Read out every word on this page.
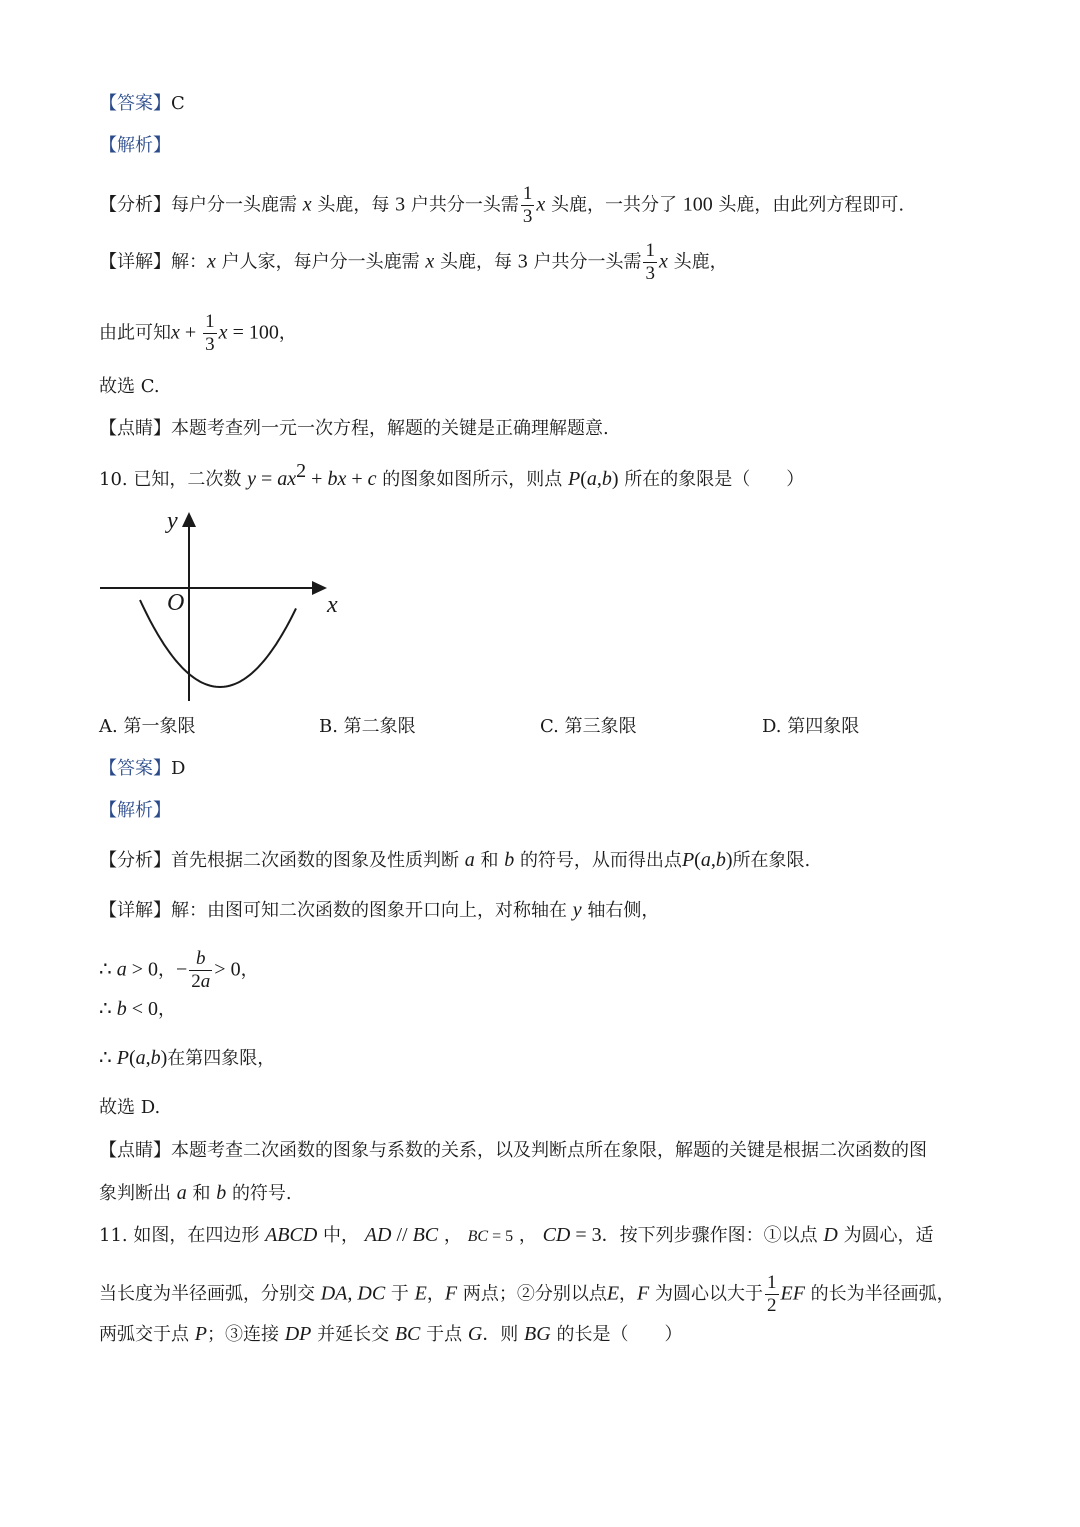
【答案】C
【解析】
【分析】每户分一头鹿需 x 头鹿，每 3 户共分一头需 $\frac{1}{3}$ x 头鹿，一共分了 100 头鹿，由此列方程即可.
【详解】解：x 户人家，每户分一头鹿需 x 头鹿，每 3 户共分一头需 $\frac{1}{3}$ x 头鹿，
由此可知$x + \frac{1}{3}$ x = 100，
故选 C.
【点睛】本题考查列一元一次方程，解题的关键是正确理解题意.
10. 已知，二次数 $y = ax^2$ + bx + c 的图象如图所示，则点 P(a,b) 所在的象限是（　　）
y
x
O
A. 第一象限	B. 第二象限	C. 第三象限	D. 第四象限
【答案】D
【解析】
【分析】首先根据二次函数的图象及性质判断 a 和 b 的符号，从而得出点P(a,b)所在象限.
【详解】解：由图可知二次函数的图象开口向上，对称轴在 y 轴右侧，
∴ a > 0，− $\frac{b}{2a} > 0$，
∴ b < 0，
∴ P(a,b)在第四象限，
故选 D.
【点睛】本题考查二次函数的图象与系数的关系，以及判断点所在象限，解题的关键是根据二次函数的图
象判断出 a 和 b 的符号.
11. 如图，在四边形 ABCD 中， AD // BC ， BC = 5 ， CD = 3．按下列步骤作图：①以点 D 为圆心，适
当长度为半径画弧，分别交 DA, DC 于 E，F 两点；②分别以点E，F 为圆心以大于 $\frac{1}{2}$ EF 的长为半径画弧，
两弧交于点 P；③连接 DP 并延长交 BC 于点 G．则 BG 的长是（　　）
